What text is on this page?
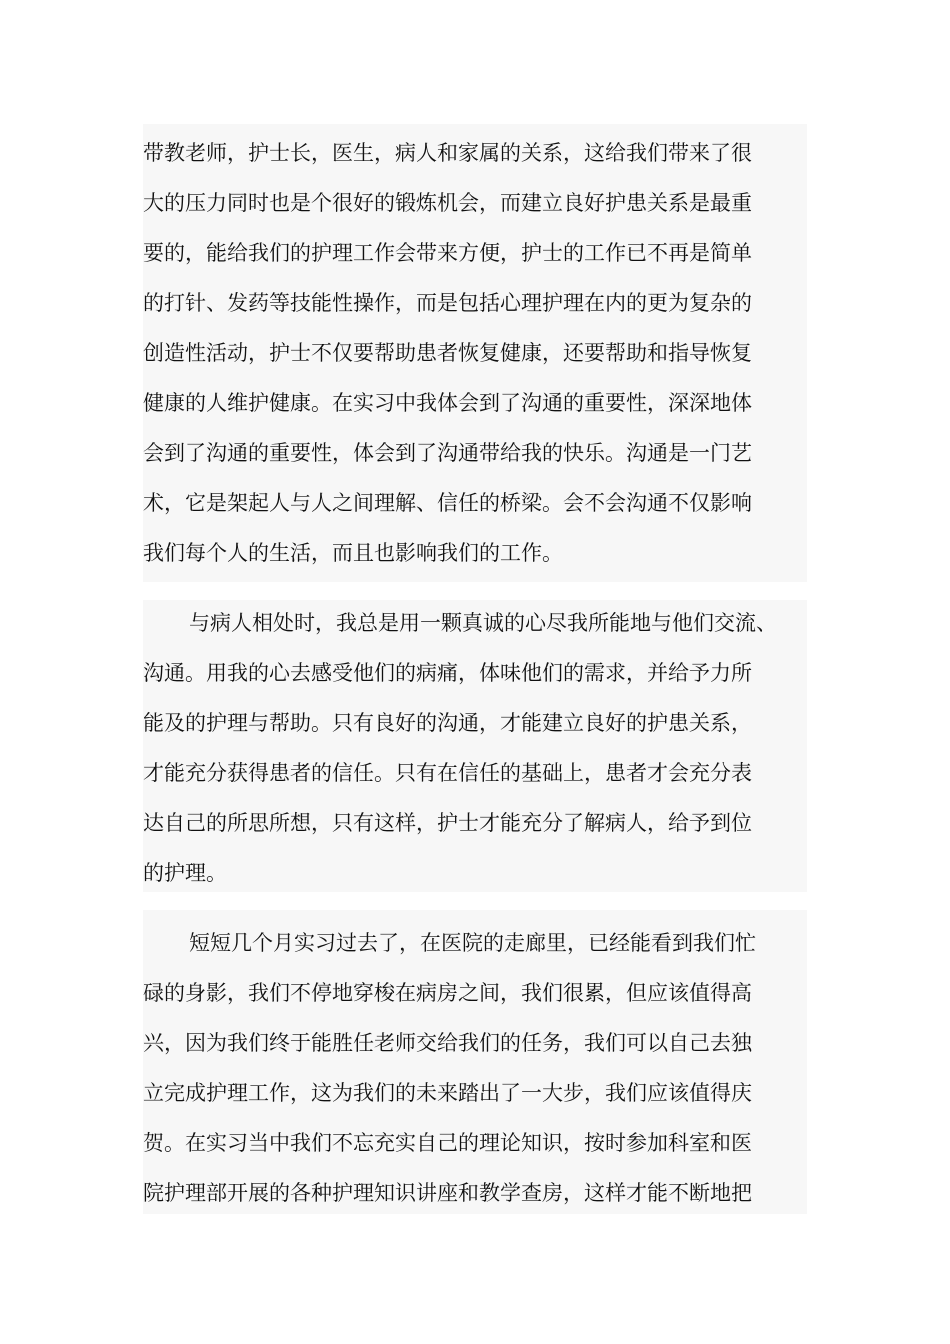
带教老师，护士长，医生，病人和家属的关系，这给我们带来了很
大的压力同时也是个很好的锻炼机会，而建立良好护患关系是最重
要的，能给我们的护理工作会带来方便，护士的工作已不再是简单
的打针、发药等技能性操作，而是包括心理护理在内的更为复杂的
创造性活动，护士不仅要帮助患者恢复健康，还要帮助和指导恢复
健康的人维护健康。在实习中我体会到了沟通的重要性，深深地体
会到了沟通的重要性，体会到了沟通带给我的快乐。沟通是一门艺
术，它是架起人与人之间理解、信任的桥梁。会不会沟通不仅影响
我们每个人的生活，而且也影响我们的工作。
与病人相处时，我总是用一颗真诚的心尽我所能地与他们交流、
沟通。用我的心去感受他们的病痛，体味他们的需求，并给予力所
能及的护理与帮助。只有良好的沟通，才能建立良好的护患关系，
才能充分获得患者的信任。只有在信任的基础上，患者才会充分表
达自己的所思所想，只有这样，护士才能充分了解病人，给予到位
的护理。
短短几个月实习过去了，在医院的走廊里，已经能看到我们忙
碌的身影，我们不停地穿梭在病房之间，我们很累，但应该值得高
兴，因为我们终于能胜任老师交给我们的任务，我们可以自己去独
立完成护理工作，这为我们的未来踏出了一大步，我们应该值得庆
贺。在实习当中我们不忘充实自己的理论知识，按时参加科室和医
院护理部开展的各种护理知识讲座和教学查房，这样才能不断地把
